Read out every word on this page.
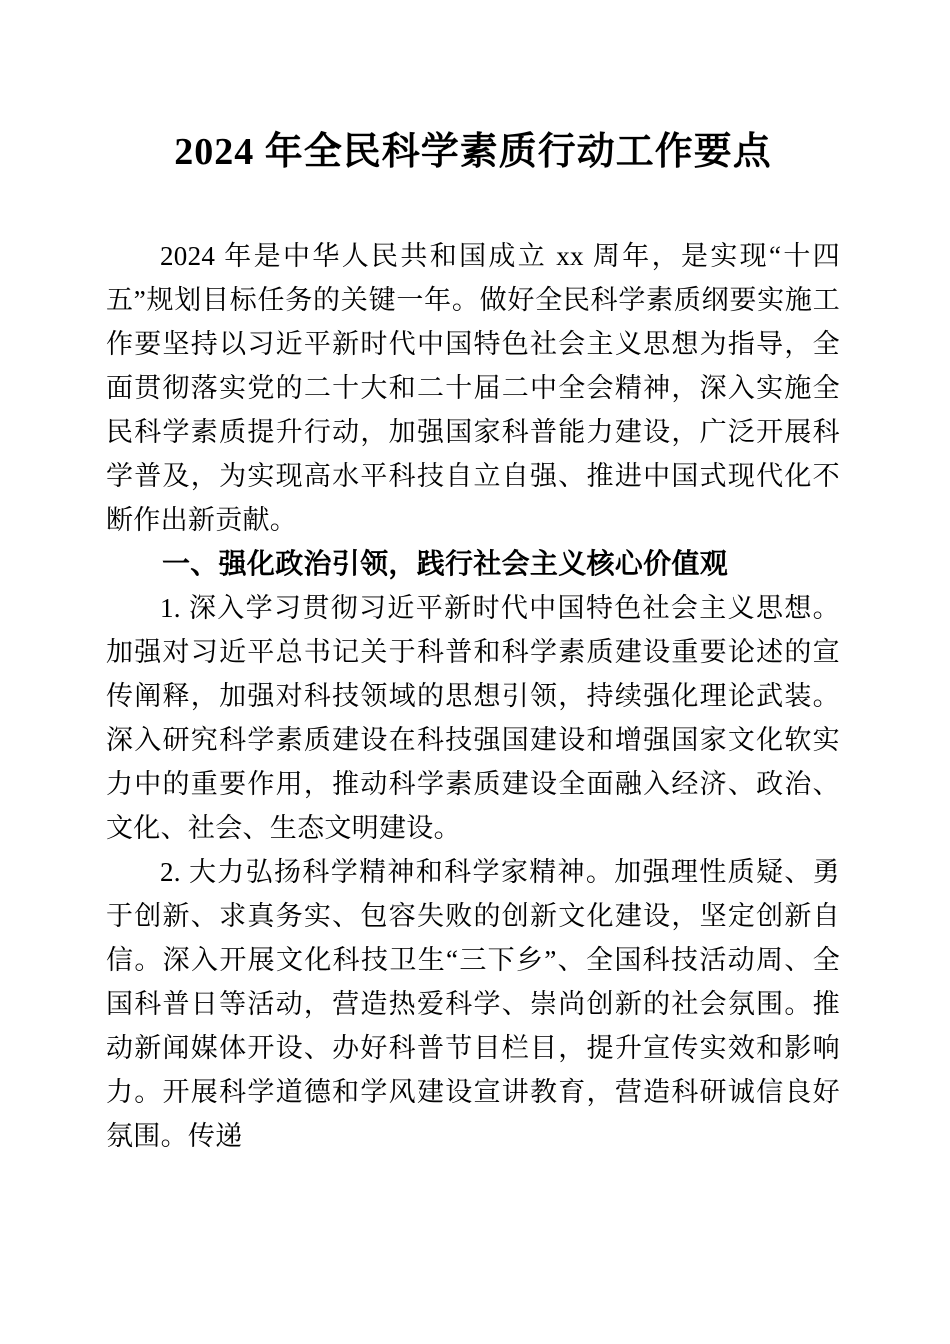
2024 年全民科学素质行动工作要点

2024 年是中华人民共和国成立 xx 周年，是实现“十四五”规划目标任务的关键一年。做好全民科学素质纲要实施工作要坚持以习近平新时代中国特色社会主义思想为指导，全面贯彻落实党的二十大和二十届二中全会精神，深入实施全民科学素质提升行动，加强国家科普能力建设，广泛开展科学普及，为实现高水平科技自立自强、推进中国式现代化不断作出新贡献。

一、强化政治引领，践行社会主义核心价值观

1. 深入学习贯彻习近平新时代中国特色社会主义思想。加强对习近平总书记关于科普和科学素质建设重要论述的宣传阐释，加强对科技领域的思想引领，持续强化理论武装。深入研究科学素质建设在科技强国建设和增强国家文化软实力中的重要作用，推动科学素质建设全面融入经济、政治、文化、社会、生态文明建设。

2. 大力弘扬科学精神和科学家精神。加强理性质疑、勇于创新、求真务实、包容失败的创新文化建设，坚定创新自信。深入开展文化科技卫生“三下乡”、全国科技活动周、全国科普日等活动，营造热爱科学、崇尚创新的社会氛围。推动新闻媒体开设、办好科普节目栏目，提升宣传实效和影响力。开展科学道德和学风建设宣讲教育，营造科研诚信良好氛围。传递
